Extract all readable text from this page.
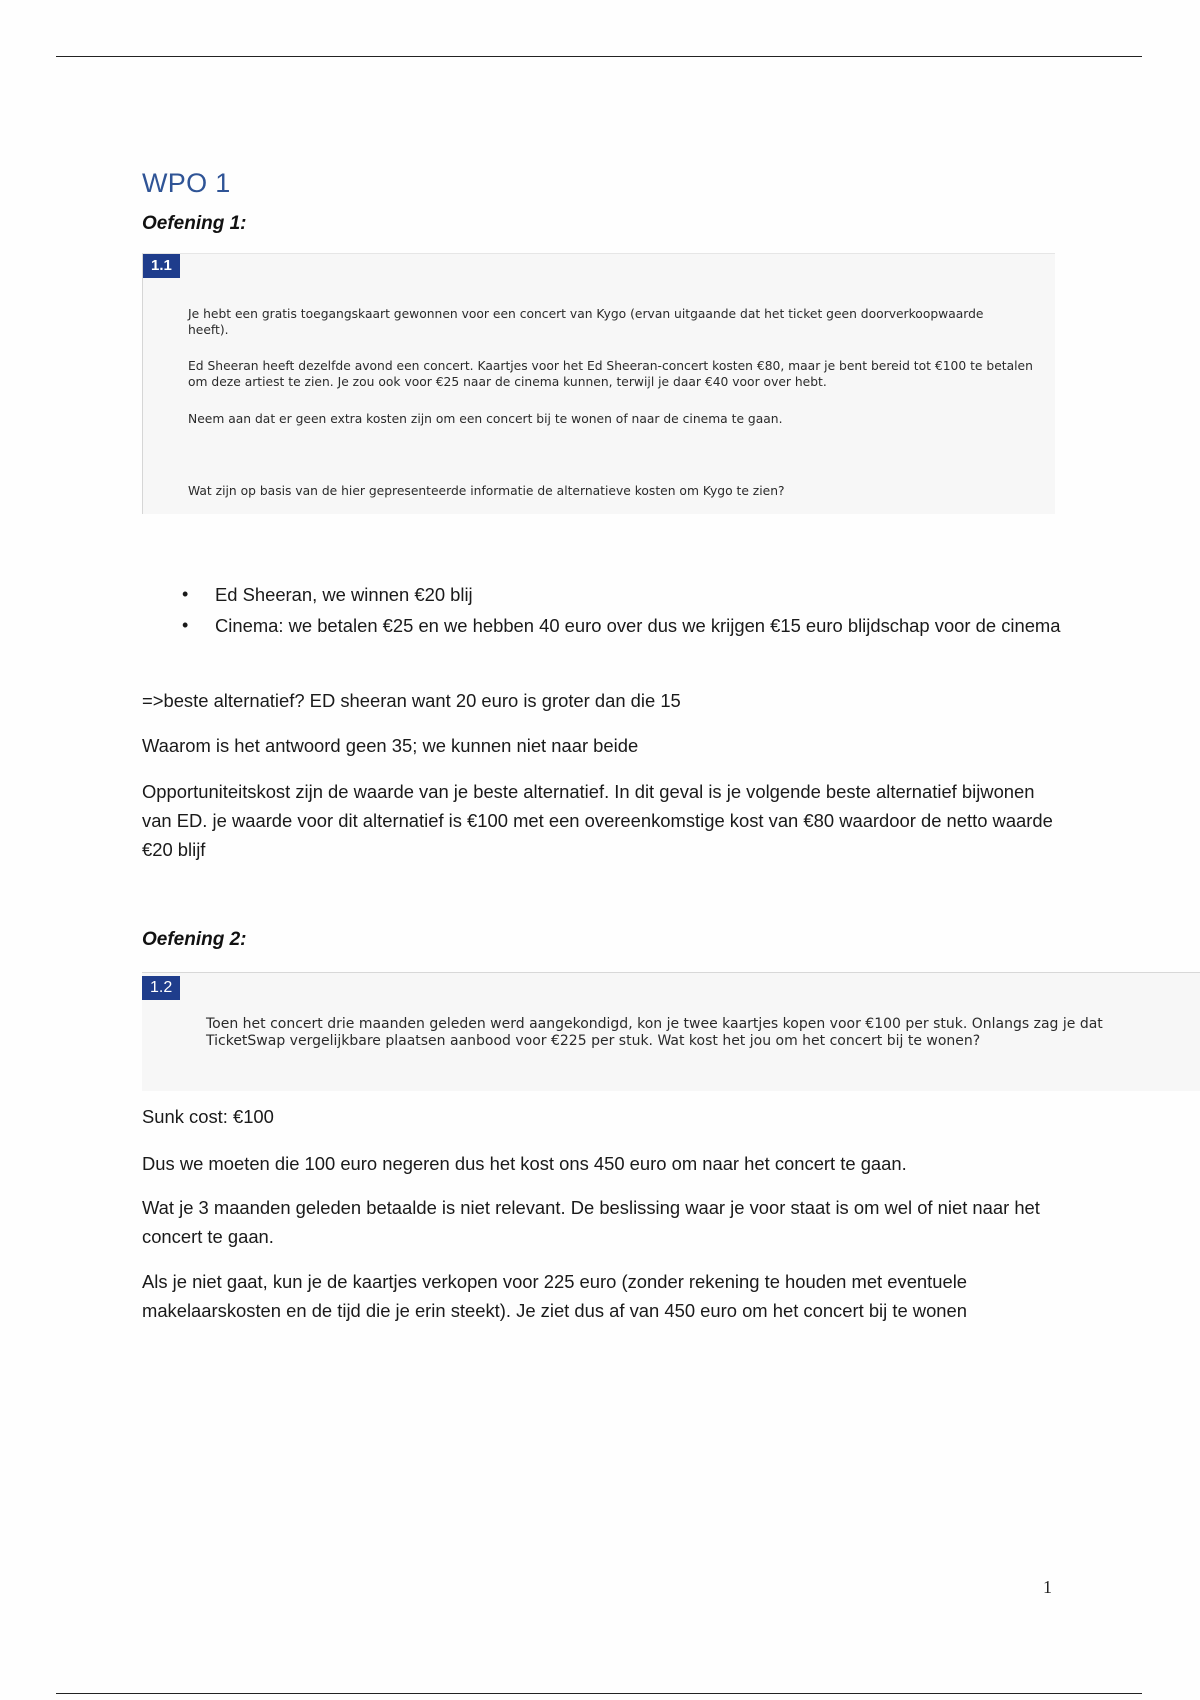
WPO 1
Oefening 1:
1.1

Je hebt een gratis toegangskaart gewonnen voor een concert van Kygo (ervan uitgaande dat het ticket geen doorverkoopwaarde heeft).

Ed Sheeran heeft dezelfde avond een concert. Kaartjes voor het Ed Sheeran-concert kosten €80, maar je bent bereid tot €100 te betalen om deze artiest te zien. Je zou ook voor €25 naar de cinema kunnen, terwijl je daar €40 voor over hebt.

Neem aan dat er geen extra kosten zijn om een concert bij te wonen of naar de cinema te gaan.

Wat zijn op basis van de hier gepresenteerde informatie de alternatieve kosten om Kygo te zien?

• Ed Sheeran, we winnen €20 blij
• Cinema: we betalen €25 en we hebben 40 euro over dus we krijgen €15 euro blijdschap voor de cinema

=>beste alternatief? ED sheeran want 20 euro is groter dan die 15

Waarom is het antwoord geen 35; we kunnen niet naar beide

Opportuniteitskost zijn de waarde van je beste alternatief. In dit geval is je volgende beste alternatief bijwonen van ED. je waarde voor dit alternatief is €100 met een overeenkomstige kost van €80 waardoor de netto waarde €20 blijf

Oefening 2:
1.2

Toen het concert drie maanden geleden werd aangekondigd, kon je twee kaartjes kopen voor €100 per stuk. Onlangs zag je dat TicketSwap vergelijkbare plaatsen aanbood voor €225 per stuk. Wat kost het jou om het concert bij te wonen?

Sunk cost: €100

Dus we moeten die 100 euro negeren dus het kost ons 450 euro om naar het concert te gaan.

Wat je 3 maanden geleden betaalde is niet relevant. De beslissing waar je voor staat is om wel of niet naar het concert te gaan.

Als je niet gaat, kun je de kaartjes verkopen voor 225 euro (zonder rekening te houden met eventuele makelaarskosten en de tijd die je erin steekt). Je ziet dus af van 450 euro om het concert bij te wonen

1
